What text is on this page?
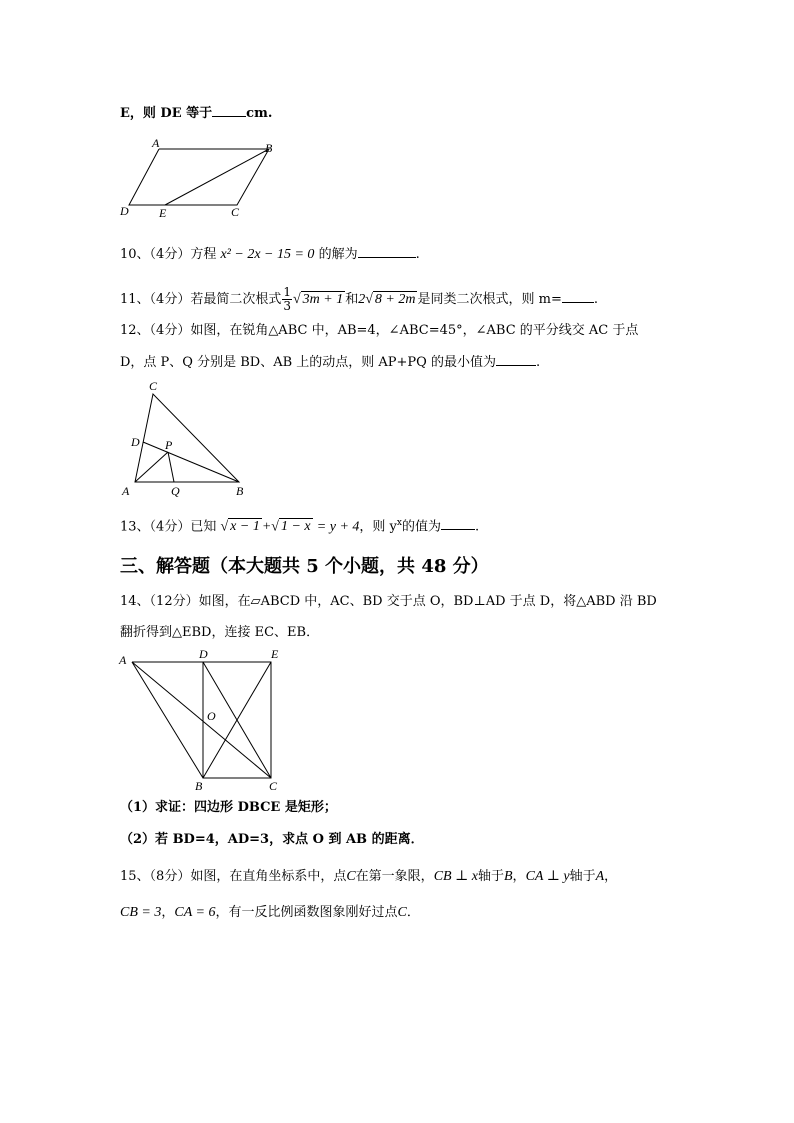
E，则 DE 等于	cm.
A	B
C
D	E
10、（4分）方程 x² − 2x − 15 = 0 的解为	.
11、（4分）若最简二次根式 $\frac{1}{3}$ √ 3m + 1 和2√ 8 + 2m 是同类二次根式，则 m= .
12、（4分）如图，在锐角△ABC 中，AB=4，∠ABC=45°，∠ABC 的平分线交 AC 于点
D，点 P、Q 分别是 BD、AB 上的动点，则 AP+PQ 的最小值为	.
C
D P
A	Q	B
13、（4分）已知 √ x − 1 +√ 1 − x = y + 4，则 $y^x$的值为	.
三、解答题（本大题共 5 个小题，共 48 分）
14、（12分）如图，在▱ABCD 中，AC、BD 交于点 O，BD⊥AD 于点 D，将△ABD 沿 BD
翻折得到△EBD，连接 EC、EB．
A	D	E
O
B	C
（1）求证：四边形 DBCE 是矩形；
（2）若 BD=4，AD=3，求点 O 到 AB 的距离．
15、（8分）如图，在直角坐标系中，点C在第一象限，CB ⊥ x轴于B，CA ⊥ y轴于A，
CB = 3，CA = 6，有一反比例函数图象刚好过点C．
